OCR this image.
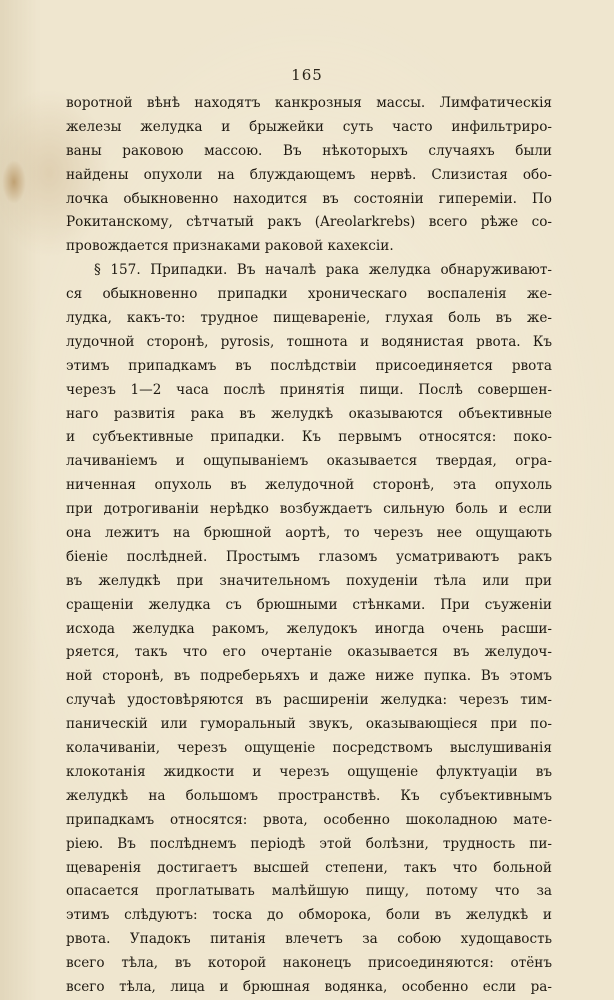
165
воротной вѣнѣ находятъ канкрозныя массы. Лимфатическія
железы желудка и брыжейки суть часто инфильтриро-
ваны раковою массою. Въ нѣкоторыхъ случаяхъ были
найдены опухоли на блуждающемъ нервѣ. Слизистая обо-
лочка обыкновенно находится въ состояніи гипереміи. По
Рокитанскому, сѣтчатый ракъ (Areolarkrebs) всего рѣже со-
провождается признаками раковой кахексіи.
§ 157. Припадки. Въ началѣ рака желудка обнаруживают-
ся обыкновенно припадки хроническаго воспаленія же-
лудка, какъ-то: трудное пищевареніе, глухая боль въ же-
лудочной сторонѣ, pyrosis, тошнота и водянистая рвота. Къ
этимъ припадкамъ въ послѣдствіи присоединяется рвота
черезъ 1—2 часа послѣ принятія пищи. Послѣ совершен-
наго развитія рака въ желудкѣ оказываются объективные
и субъективные припадки. Къ первымъ относятся: поко-
лачиваніемъ и ощупываніемъ оказывается твердая, огра-
ниченная опухоль въ желудочной сторонѣ, эта опухоль
при дотрогиваніи нерѣдко возбуждаетъ сильную боль и если
она лежитъ на брюшной аортѣ, то черезъ нее ощущають
біеніе послѣдней. Простымъ глазомъ усматриваютъ ракъ
въ желудкѣ при значительномъ похуденіи тѣла или при
сращеніи желудка съ брюшными стѣнками. При съуженіи
исхода желудка ракомъ, желудокъ иногда очень расши-
ряется, такъ что его очертаніе оказывается въ желудоч-
ной сторонѣ, въ подреберьяхъ и даже ниже пупка. Въ этомъ
случаѣ удостовѣряются въ расширеніи желудка: черезъ тим-
паническій или гуморальный звукъ, оказывающіеся при по-
колачиваніи, черезъ ощущеніе посредствомъ выслушиванія
клокотанія жидкости и черезъ ощущеніе флуктуаціи въ
желудкѣ на большомъ пространствѣ. Къ субъективнымъ
припадкамъ относятся: рвота, особенно шоколадною мате-
ріею. Въ послѣднемъ періодѣ этой болѣзни, трудность пи-
щеваренія достигаетъ высшей степени, такъ что больной
опасается проглатывать малѣйшую пищу, потому что за
этимъ слѣдуютъ: тоска до обморока, боли въ желудкѣ и
рвота. Упадокъ питанія влечетъ за собою худощавость
всего тѣла, въ которой наконецъ присоединяются: отёнъ
всего тѣла, лица и брюшная водянка, особенно если ра-
